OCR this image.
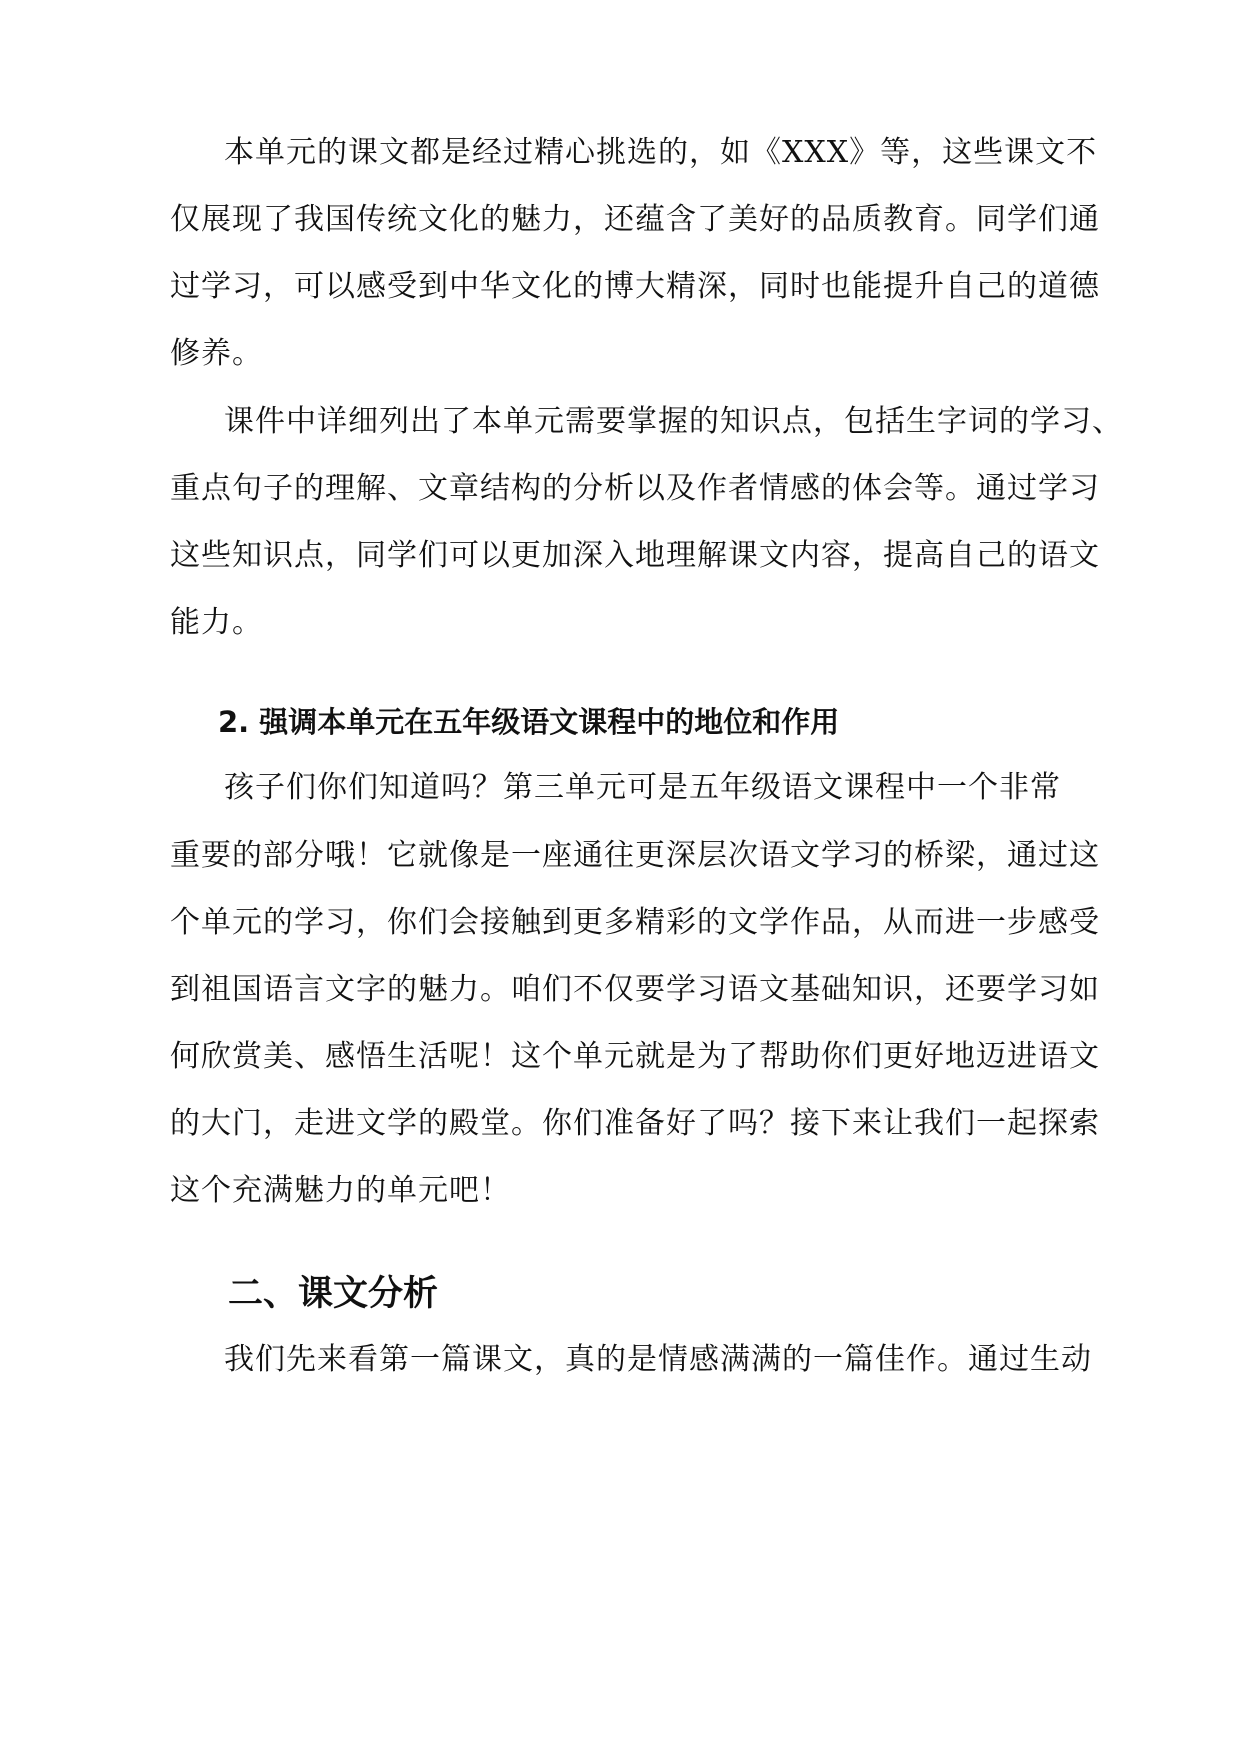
本单元的课文都是经过精心挑选的，如《XXX》等，这些课文不
仅展现了我国传统文化的魅力，还蕴含了美好的品质教育。同学们通
过学习，可以感受到中华文化的博大精深，同时也能提升自己的道德
修养。
课件中详细列出了本单元需要掌握的知识点，包括生字词的学习、
重点句子的理解、文章结构的分析以及作者情感的体会等。通过学习
这些知识点，同学们可以更加深入地理解课文内容，提高自己的语文
能力。
2. 强调本单元在五年级语文课程中的地位和作用
孩子们你们知道吗？第三单元可是五年级语文课程中一个非常
重要的部分哦！它就像是一座通往更深层次语文学习的桥梁，通过这
个单元的学习，你们会接触到更多精彩的文学作品，从而进一步感受
到祖国语言文字的魅力。咱们不仅要学习语文基础知识，还要学习如
何欣赏美、感悟生活呢！这个单元就是为了帮助你们更好地迈进语文
的大门，走进文学的殿堂。你们准备好了吗？接下来让我们一起探索
这个充满魅力的单元吧！
二、课文分析
我们先来看第一篇课文，真的是情感满满的一篇佳作。通过生动
